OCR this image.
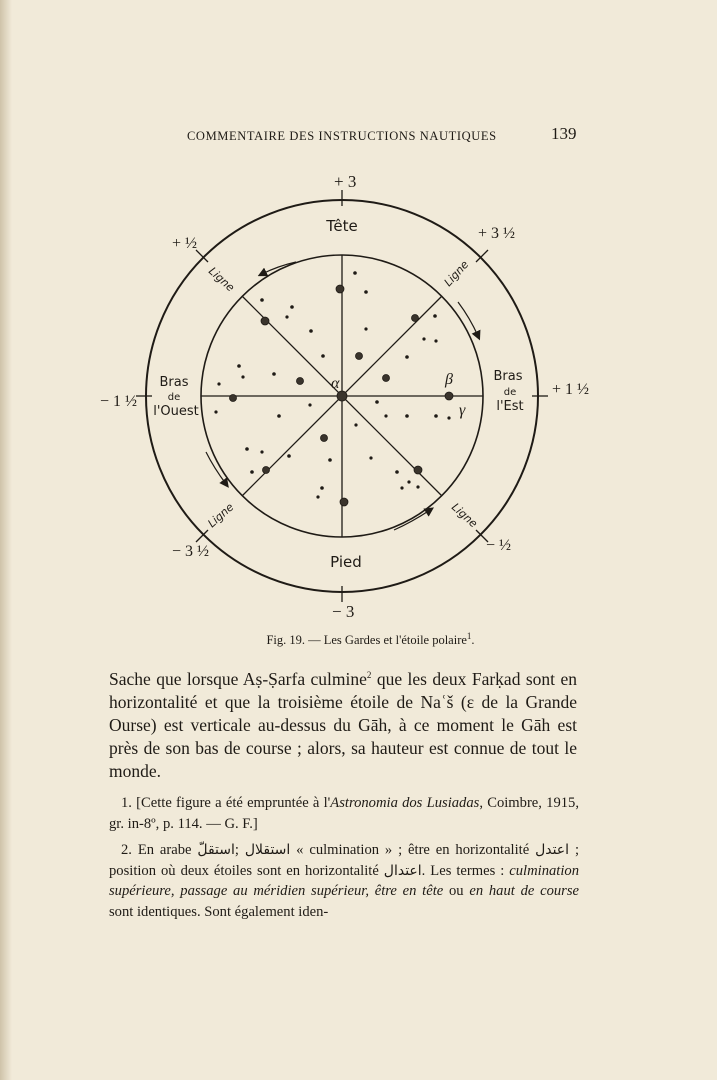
COMMENTAIRE DES INSTRUCTIONS NAUTIQUES	139
+ 3
− 3
+ ½
+ 3 ½
− 1 ½
+ 1 ½
− 3 ½	− ½
Tête
Pied
Bras
de
l'Ouest
Bras
de
l'Est
Ligne	Ligne
Ligne	Ligne
α	β
γ
Fig. 19. — Les Gardes et l'étoile polaire$^1$.
Sache que lorsque Aṣ-Ṣarfa culmine$^2$ que les deux Farḳad sont en horizontalité et que la troisième étoile de Naʿš (ε de la Grande Ourse) est verticale au-dessus du Gāh, à ce moment le Gāh est près de son bas de course ; alors, sa hauteur est connue de tout le monde.

1. [Cette figure a été empruntée à l'Astronomia dos Lusiadas, Coimbre, 1915, gr. in-8º, p. 114. — G. F.]

2. En arabe استقلّ; استقلال « culmination » ; être en horizontalité اعتدل ; position où deux étoiles sont en horizontalité اعتدال. Les termes : culmination supérieure, passage au méridien supérieur, être en tête ou en haut de course sont identiques. Sont également iden-
